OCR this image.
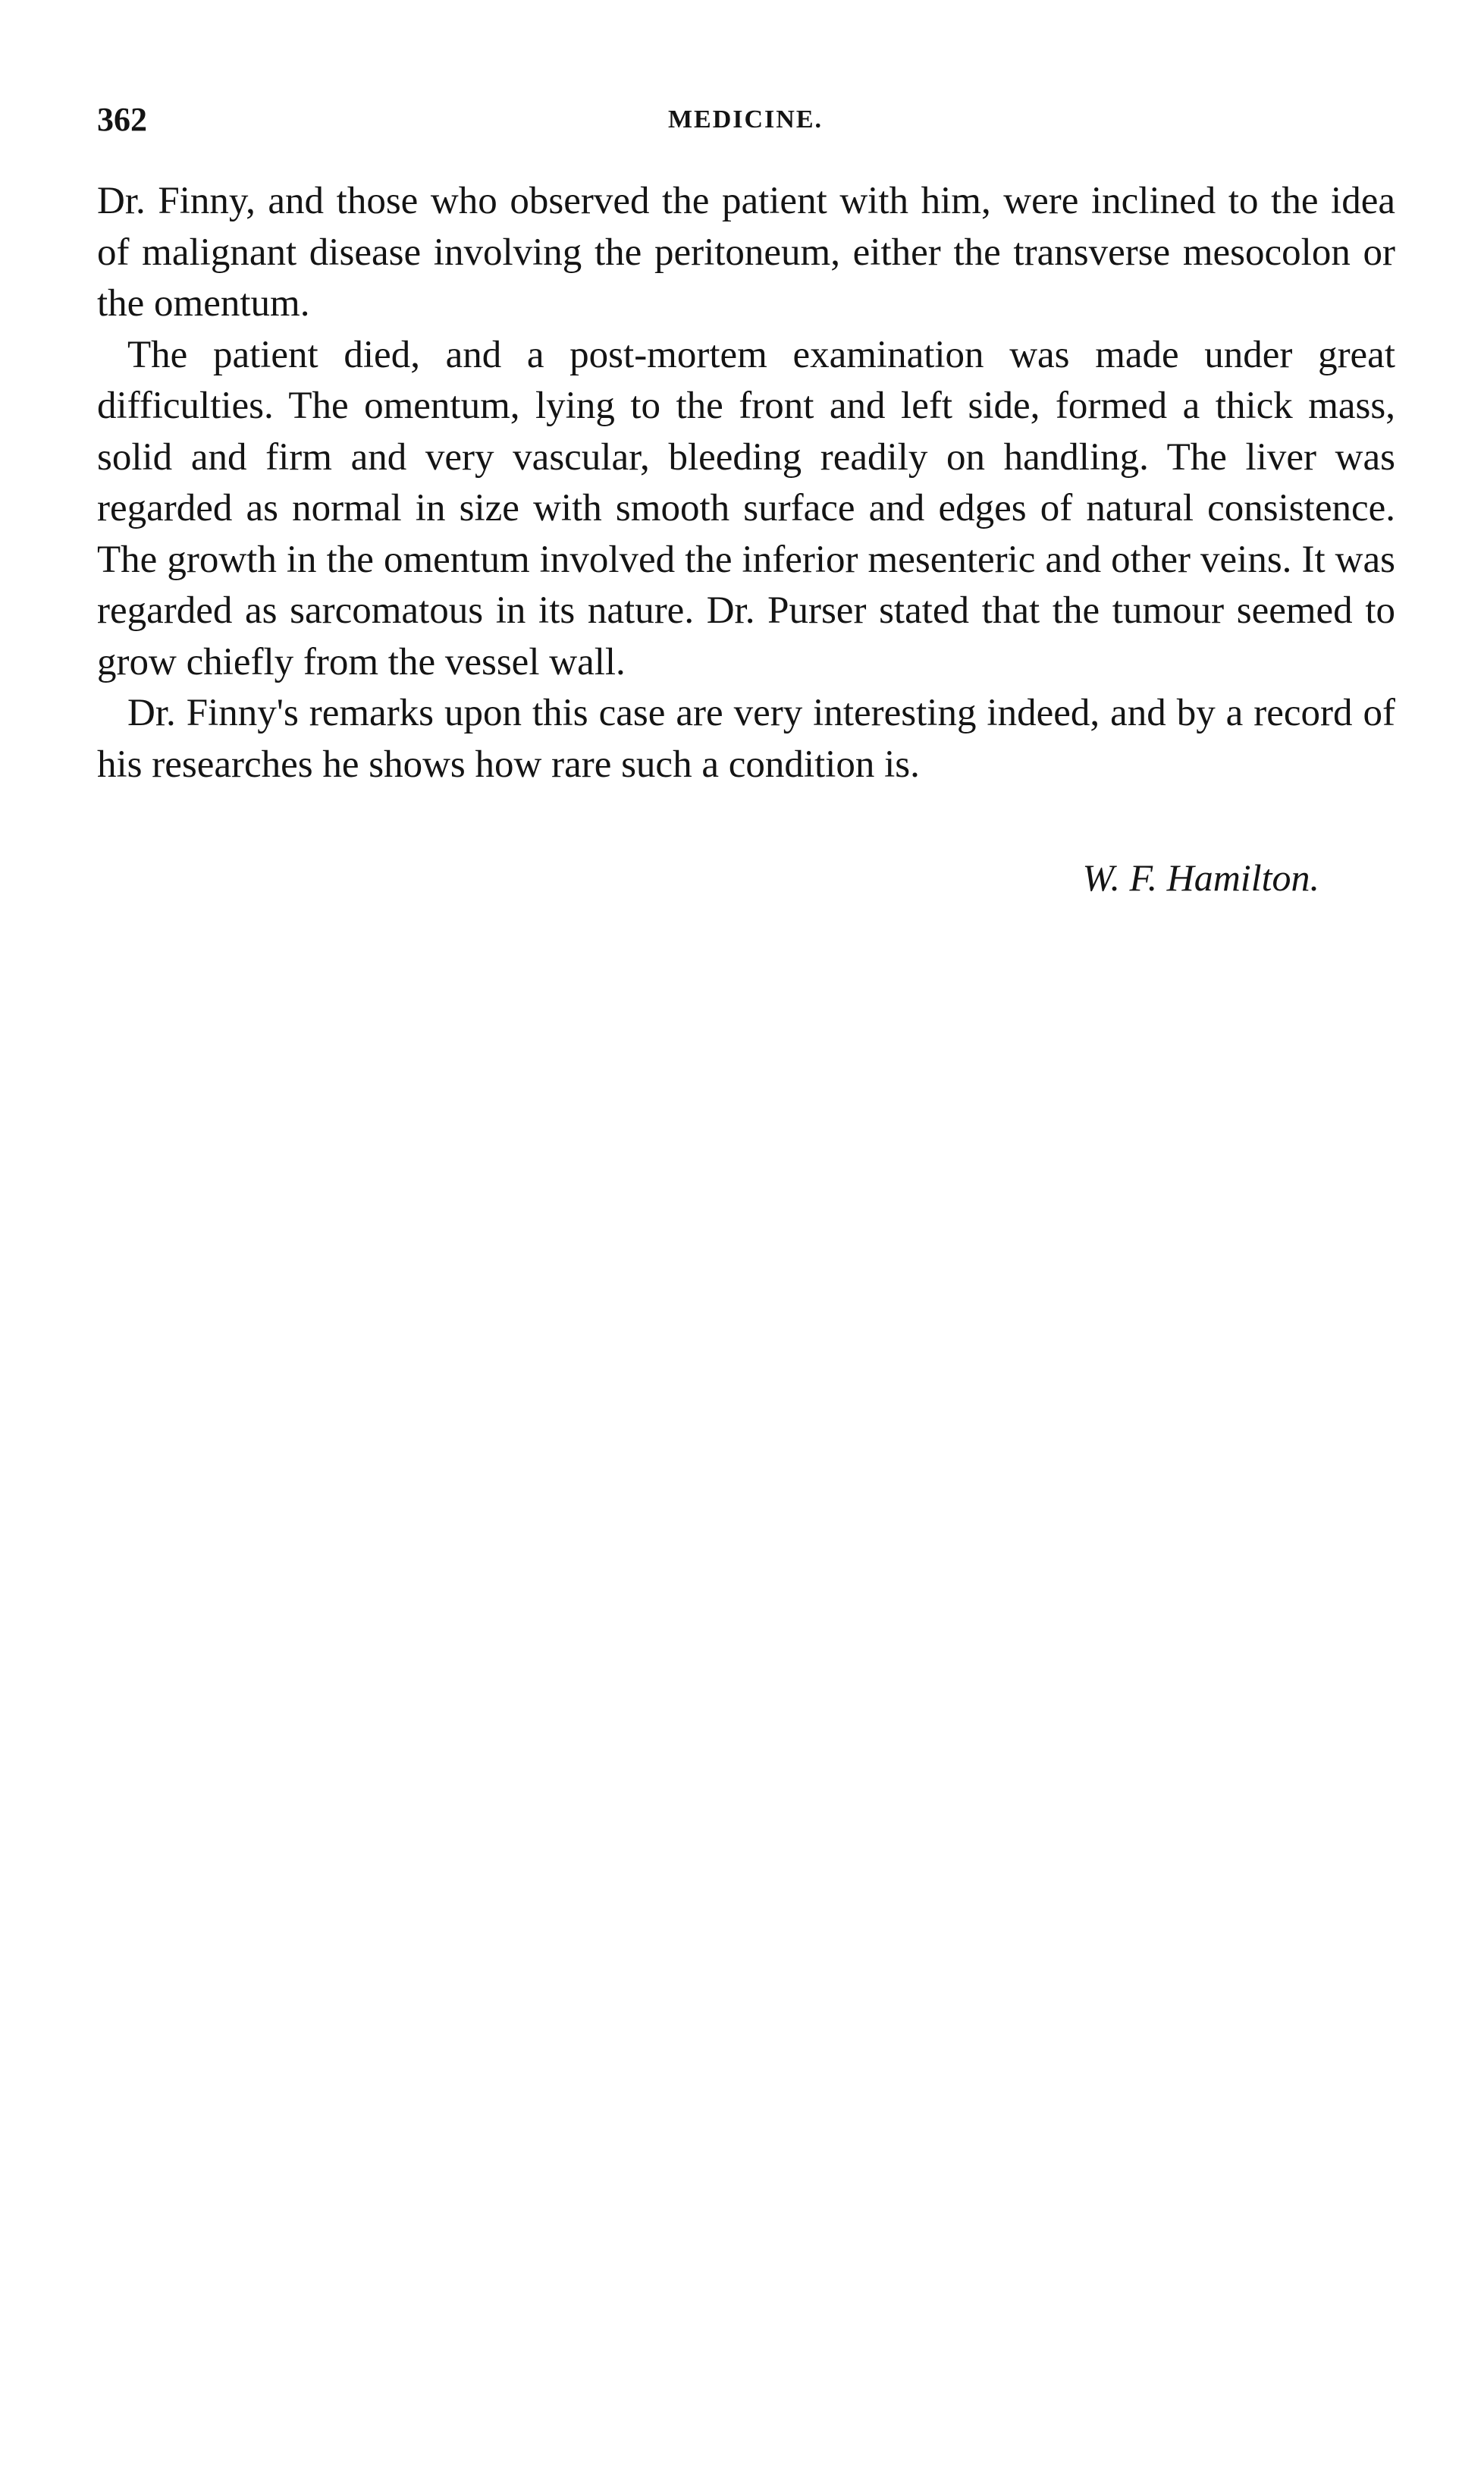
362	MEDICINE.

Dr. Finny, and those who observed the patient with him, were inclined to the idea of malignant disease involving the peritoneum, either the transverse mesocolon or the omentum.

The patient died, and a post-mortem examination was made under great difficulties. The omentum, lying to the front and left side, formed a thick mass, solid and firm and very vascular, bleeding readily on handling. The liver was regarded as normal in size with smooth surface and edges of natural consistence. The growth in the omentum involved the inferior mesenteric and other veins. It was regarded as sarcomatous in its nature. Dr. Purser stated that the tumour seemed to grow chiefly from the vessel wall.

Dr. Finny's remarks upon this case are very interesting indeed, and by a record of his researches he shows how rare such a condition is.

W. F. Hamilton.
